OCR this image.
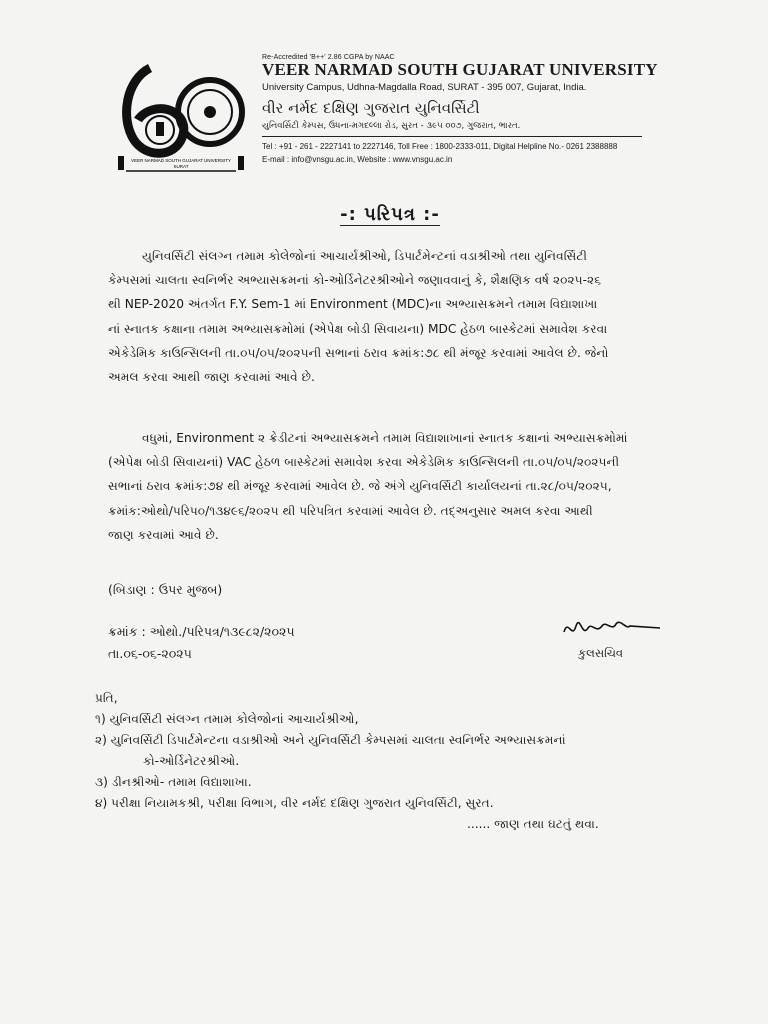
VEER NARMAD SOUTH GUJARAT UNIVERSITY
SURAT
Re-Accredited 'B++' 2.86 CGPA by NAAC
VEER NARMAD SOUTH GUJARAT UNIVERSITY
University Campus, Udhna-Magdalla Road, SURAT - 395 007, Gujarat, India.
વીર નર્મદ દક્ષિણ ગુજરાત યુનિવર્સિટી
યુનિવર્સિટી કેમ્પસ, ઉધના-મગદલ્લા રોડ, સુરત - ૩૯૫ ૦૦૭, ગુજરાત, ભારત.
Tel : +91 - 261 - 2227141 to 2227146, Toll Free : 1800-2333-011, Digital Helpline No.- 0261 2388888
E-mail : info@vnsgu.ac.in, Website : www.vnsgu.ac.in
-: પરિપત્ર :-
યુનિવર્સિટી સંલગ્ન તમામ કોલેજોનાં આચાર્યશ્રીઓ, ડિપાર્ટમેન્ટનાં વડાશ્રીઓ તથા યુનિવર્સિટી
કેમ્પસમાં ચાલતા સ્વનિર્ભર અભ્યાસક્રમનાં કો-ઓર્ડિનેટરશ્રીઓને જણાવવાનું કે, શૈક્ષણિક વર્ષ ૨૦૨૫-૨૬
થી NEP-2020 અંતર્ગત F.Y. Sem-1 માં Environment (MDC)ના અભ્યાસક્રમને તમામ વિદ્યાશાખા
નાં સ્નાતક કક્ષાના તમામ અભ્યાસક્રમોમાં (એપેક્ષ બોડી સિવાયના) MDC હેઠળ બાસ્કેટમાં સમાવેશ કરવા
એકેડેમિક કાઉન્સિલની તા.૦૫/૦૫/૨૦૨૫ની સભાનાં ઠરાવ ક્રમાંક:૭૮ થી મંજૂર કરવામાં આવેલ છે. જેનો
અમલ કરવા આથી જાણ કરવામાં આવે છે.
વધુમાં, Environment ૨ ક્રેડીટનાં અભ્યાસક્રમને તમામ વિદ્યાશાખાનાં સ્નાતક કક્ષાનાં અભ્યાસક્રમોમાં
(એપેક્ષ બોડી સિવાયનાં) VAC હેઠળ બાસ્કેટમાં સમાવેશ કરવા એકેડેમિક કાઉન્સિલની તા.૦૫/૦૫/૨૦૨૫ની
સભાનાં ઠરાવ ક્રમાંક:૭૪ થી મંજૂર કરવામાં આવેલ છે. જે અંગે યુનિવર્સિટી કાર્યાલયનાં તા.૨૮/૦૫/૨૦૨૫,
ક્રમાંક:ઓથો/પરિપ૦/૧૩૪૯૬/૨૦૨૫ થી પરિપત્રિત કરવામાં આવેલ છે. તદ્અનુસાર અમલ કરવા આથી
જાણ કરવામાં આવે છે.
(બિડાણ : ઉપર મુજબ)
ક્રમાંક : ઓથો./પરિપત્ર/૧૩૯૮૨/૨૦૨૫
તા.૦૬-૦૬-૨૦૨૫	કુલસચિવ
પ્રતિ,
૧) યુનિવર્સિટી સંલગ્ન તમામ કોલેજોનાં આચાર્યશ્રીઓ,
૨) યુનિવર્સિટી ડિપાર્ટમેન્ટના વડાશ્રીઓ અને યુનિવર્સિટી કેમ્પસમાં ચાલતા સ્વનિર્ભર અભ્યાસક્રમનાં
કો-ઓર્ડિનેટરશ્રીઓ.
૩) ડીનશ્રીઓ- તમામ વિદ્યાશાખા.
૪) પરીક્ષા નિયામકશ્રી, પરીક્ષા વિભાગ, વીર નર્મદ દક્ષિણ ગુજરાત યુનિવર્સિટી, સુરત.
...... જાણ તથા ઘટતું થવા.
